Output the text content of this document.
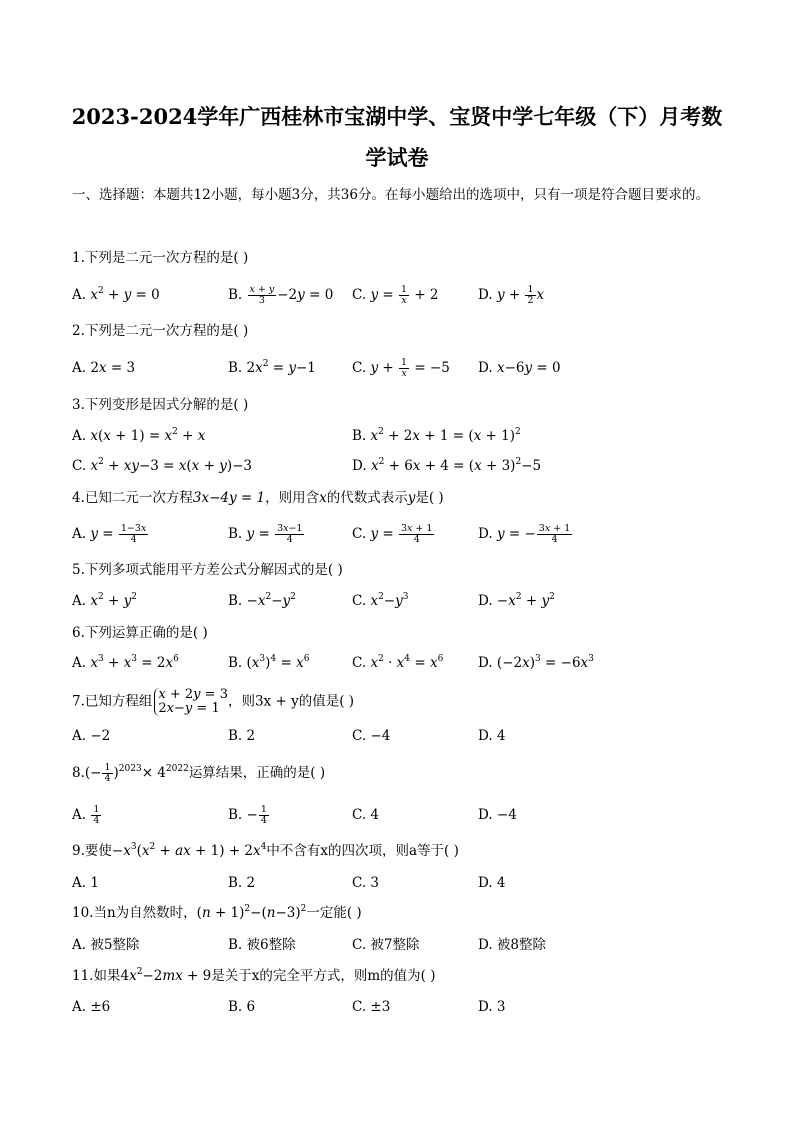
2023-2024学年广西桂林市宝湖中学、宝贤中学七年级（下）月考数
学试卷
一、选择题：本题共12小题，每小题3分，共36分。在每小题给出的选项中，只有一项是符合题目要求的。
1.下列是二元一次方程的是( )
A. $x^2 + y = 0$	B. $\frac{x + y}{3} -2y = 0$ C. $y = \frac{1}{x} + 2$	D. $y + \frac{1}{2}$ x
2.下列是二元一次方程的是( )
A. 2x = 3	B. $2x^2 = y-1$	C. $y + \frac{1}{x} = -5$ D. x−6y = 0
3.下列变形是因式分解的是( )
A. $x(x + 1) = x^2 + x$	B. $x^2 + 2x + 1 = (x + 1)^2$
C. $x^2 + xy-3 = x(x + y)-3$	D. $x^2 + 6x + 4 = (x + 3)^2-5$
4.已知二元一次方程3x−4y = 1，则用含x的代数式表示y是( )
A. $y = \frac{1-3x}{4}$	B. $y = \frac{3x-1}{4}$	C. $y = \frac{3x + 1}{4}$	D. y = − $\frac{3x + 1}{4}$
5.下列多项式能用平方差公式分解因式的是( )
A. $x^2 + y^2$	B. $-x^2-y^2$	C. $x^2-y^3$	D. $-x^2 + y^2$
6.下列运算正确的是( )
A. $x^3 + x^3 = 2x^6$	B. $(x^3)^4 = x^6$	C. $x^2 \cdot x^4 = x^6$	D. $(-2x)^3 = -6x^3$
7.已知方程组 x + 2y = 3
2x−y = 1 ，则3x + y的值是( )
A. −2	B. 2	C. −4	D. 4
$8.(- \frac{1}{4} )^{2023}\times 4^{2022}$运算结果，正确的是( )
A. $\frac{1}{4}$	B. − $\frac{1}{4}$	C. 4	D. −4
9.要使$-x^3(x^2$ + ax + $1) + 2x^4$中不含有x的四次项，则a等于( )
A. 1	B. 2	C. 3	D. 4
10.当n为自然数时，$(n + 1)^2-(n-3)^2$一定能( )
A. 被5整除	B. 被6整除	C. 被7整除	D. 被8整除
11.如果$4x^2-2mx + 9$是关于x的完全平方式，则m的值为( )
A. ±6	B. 6	C. ±3	D. 3
